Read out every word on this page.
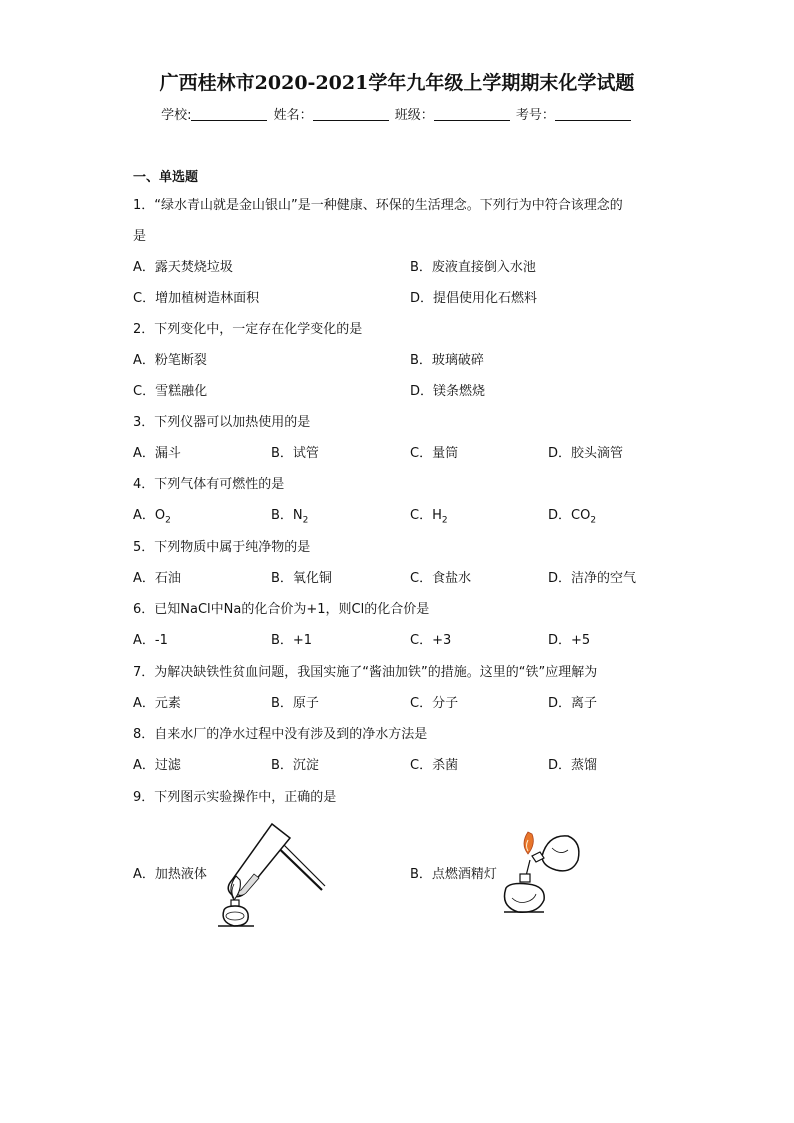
广西桂林市2020-2021学年九年级上学期期末化学试题
学校:	姓名：	班级：	考号：
一、单选题
1．“绿水青山就是金山银山”是一种健康、环保的生活理念。下列行为中符合该理念的
是
A．露天焚烧垃圾	B．废液直接倒入水池
C．增加植树造林面积	D．提倡使用化石燃料
2．下列变化中，一定存在化学变化的是
A．粉笔断裂	B．玻璃破碎
C．雪糕融化	D．镁条燃烧
3．下列仪器可以加热使用的是
A．漏斗	B．试管	C．量筒	D．胶头滴管
4．下列气体有可燃性的是
A．$O_2$	B．$N_2$	C．$H_2$	D．$CO_2$
5．下列物质中属于纯净物的是
A．石油	B．氧化铜	C．食盐水	D．洁净的空气
6．已知NaCl中Na的化合价为+1，则Cl的化合价是
A．-1	B．+1	C．+3	D．+5
7．为解决缺铁性贫血问题，我国实施了“酱油加铁”的措施。这里的“铁”应理解为
A．元素	B．原子	C．分子	D．离子
8．自来水厂的净水过程中没有涉及到的净水方法是
A．过滤	B．沉淀	C．杀菌	D．蒸馏
9．下列图示实验操作中，正确的是
A．加热液体	B．点燃酒精灯
